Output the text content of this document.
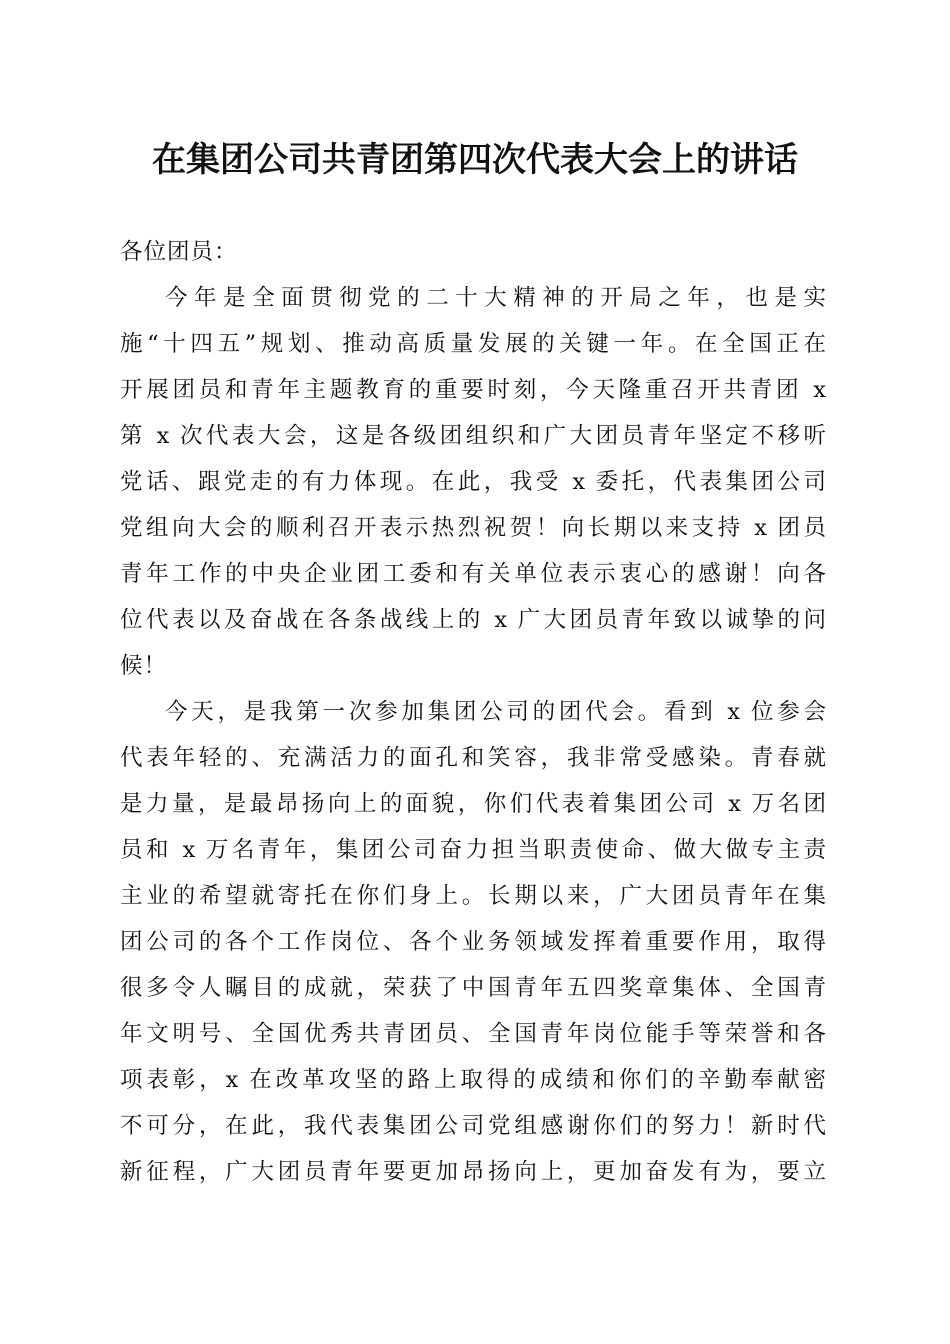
在集团公司共青团第四次代表大会上的讲话

各位团员：

今年是全面贯彻党的二十大精神的开局之年，也是实
施“十四五”规划、推动高质量发展的关键一年。在全国正在
开展团员和青年主题教育的重要时刻，今天隆重召开共青团 x
第 x 次代表大会，这是各级团组织和广大团员青年坚定不移听
党话、跟党走的有力体现。在此，我受 x 委托，代表集团公司
党组向大会的顺利召开表示热烈祝贺！向长期以来支持 x 团员
青年工作的中央企业团工委和有关单位表示衷心的感谢！向各
位代表以及奋战在各条战线上的 x 广大团员青年致以诚挚的问
候！
今天，是我第一次参加集团公司的团代会。看到 x 位参会
代表年轻的、充满活力的面孔和笑容，我非常受感染。青春就
是力量，是最昂扬向上的面貌，你们代表着集团公司 x 万名团
员和 x 万名青年，集团公司奋力担当职责使命、做大做专主责
主业的希望就寄托在你们身上。长期以来，广大团员青年在集
团公司的各个工作岗位、各个业务领域发挥着重要作用，取得
很多令人瞩目的成就，荣获了中国青年五四奖章集体、全国青
年文明号、全国优秀共青团员、全国青年岗位能手等荣誉和各
项表彰，x 在改革攻坚的路上取得的成绩和你们的辛勤奉献密
不可分，在此，我代表集团公司党组感谢你们的努力！新时代
新征程，广大团员青年要更加昂扬向上，更加奋发有为，要立
